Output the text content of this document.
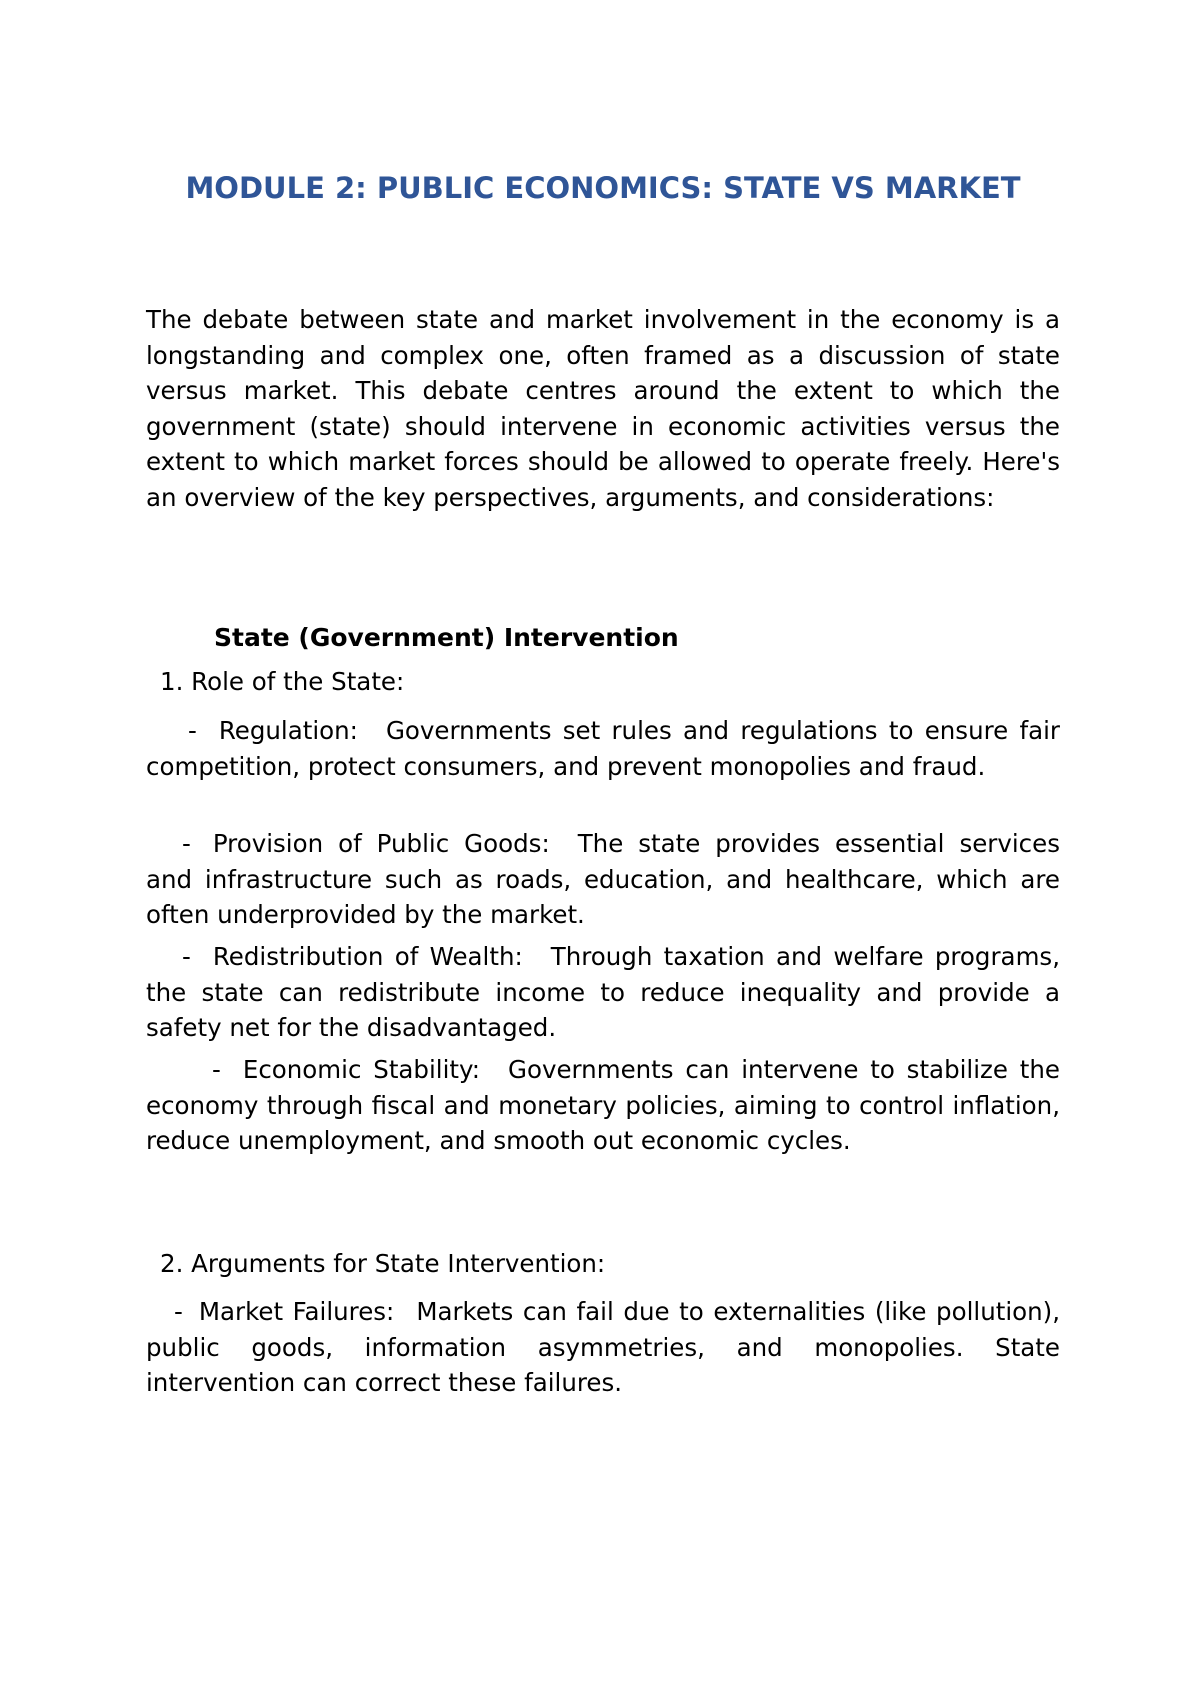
MODULE 2: PUBLIC ECONOMICS: STATE VS MARKET

The debate between state and market involvement in the economy is a longstanding and complex one, often framed as a discussion of state versus market. This debate centres around the extent to which the government (state) should intervene in economic activities versus the extent to which market forces should be allowed to operate freely. Here's an overview of the key perspectives, arguments, and considerations:

State (Government) Intervention

1. Role of the State:

- Regulation: Governments set rules and regulations to ensure fair competition, protect consumers, and prevent monopolies and fraud.

- Provision of Public Goods: The state provides essential services and infrastructure such as roads, education, and healthcare, which are often underprovided by the market.

- Redistribution of Wealth: Through taxation and welfare programs, the state can redistribute income to reduce inequality and provide a safety net for the disadvantaged.

- Economic Stability: Governments can intervene to stabilize the economy through fiscal and monetary policies, aiming to control inflation, reduce unemployment, and smooth out economic cycles.

2. Arguments for State Intervention:

- Market Failures: Markets can fail due to externalities (like pollution), public goods, information asymmetries, and monopolies. State intervention can correct these failures.
